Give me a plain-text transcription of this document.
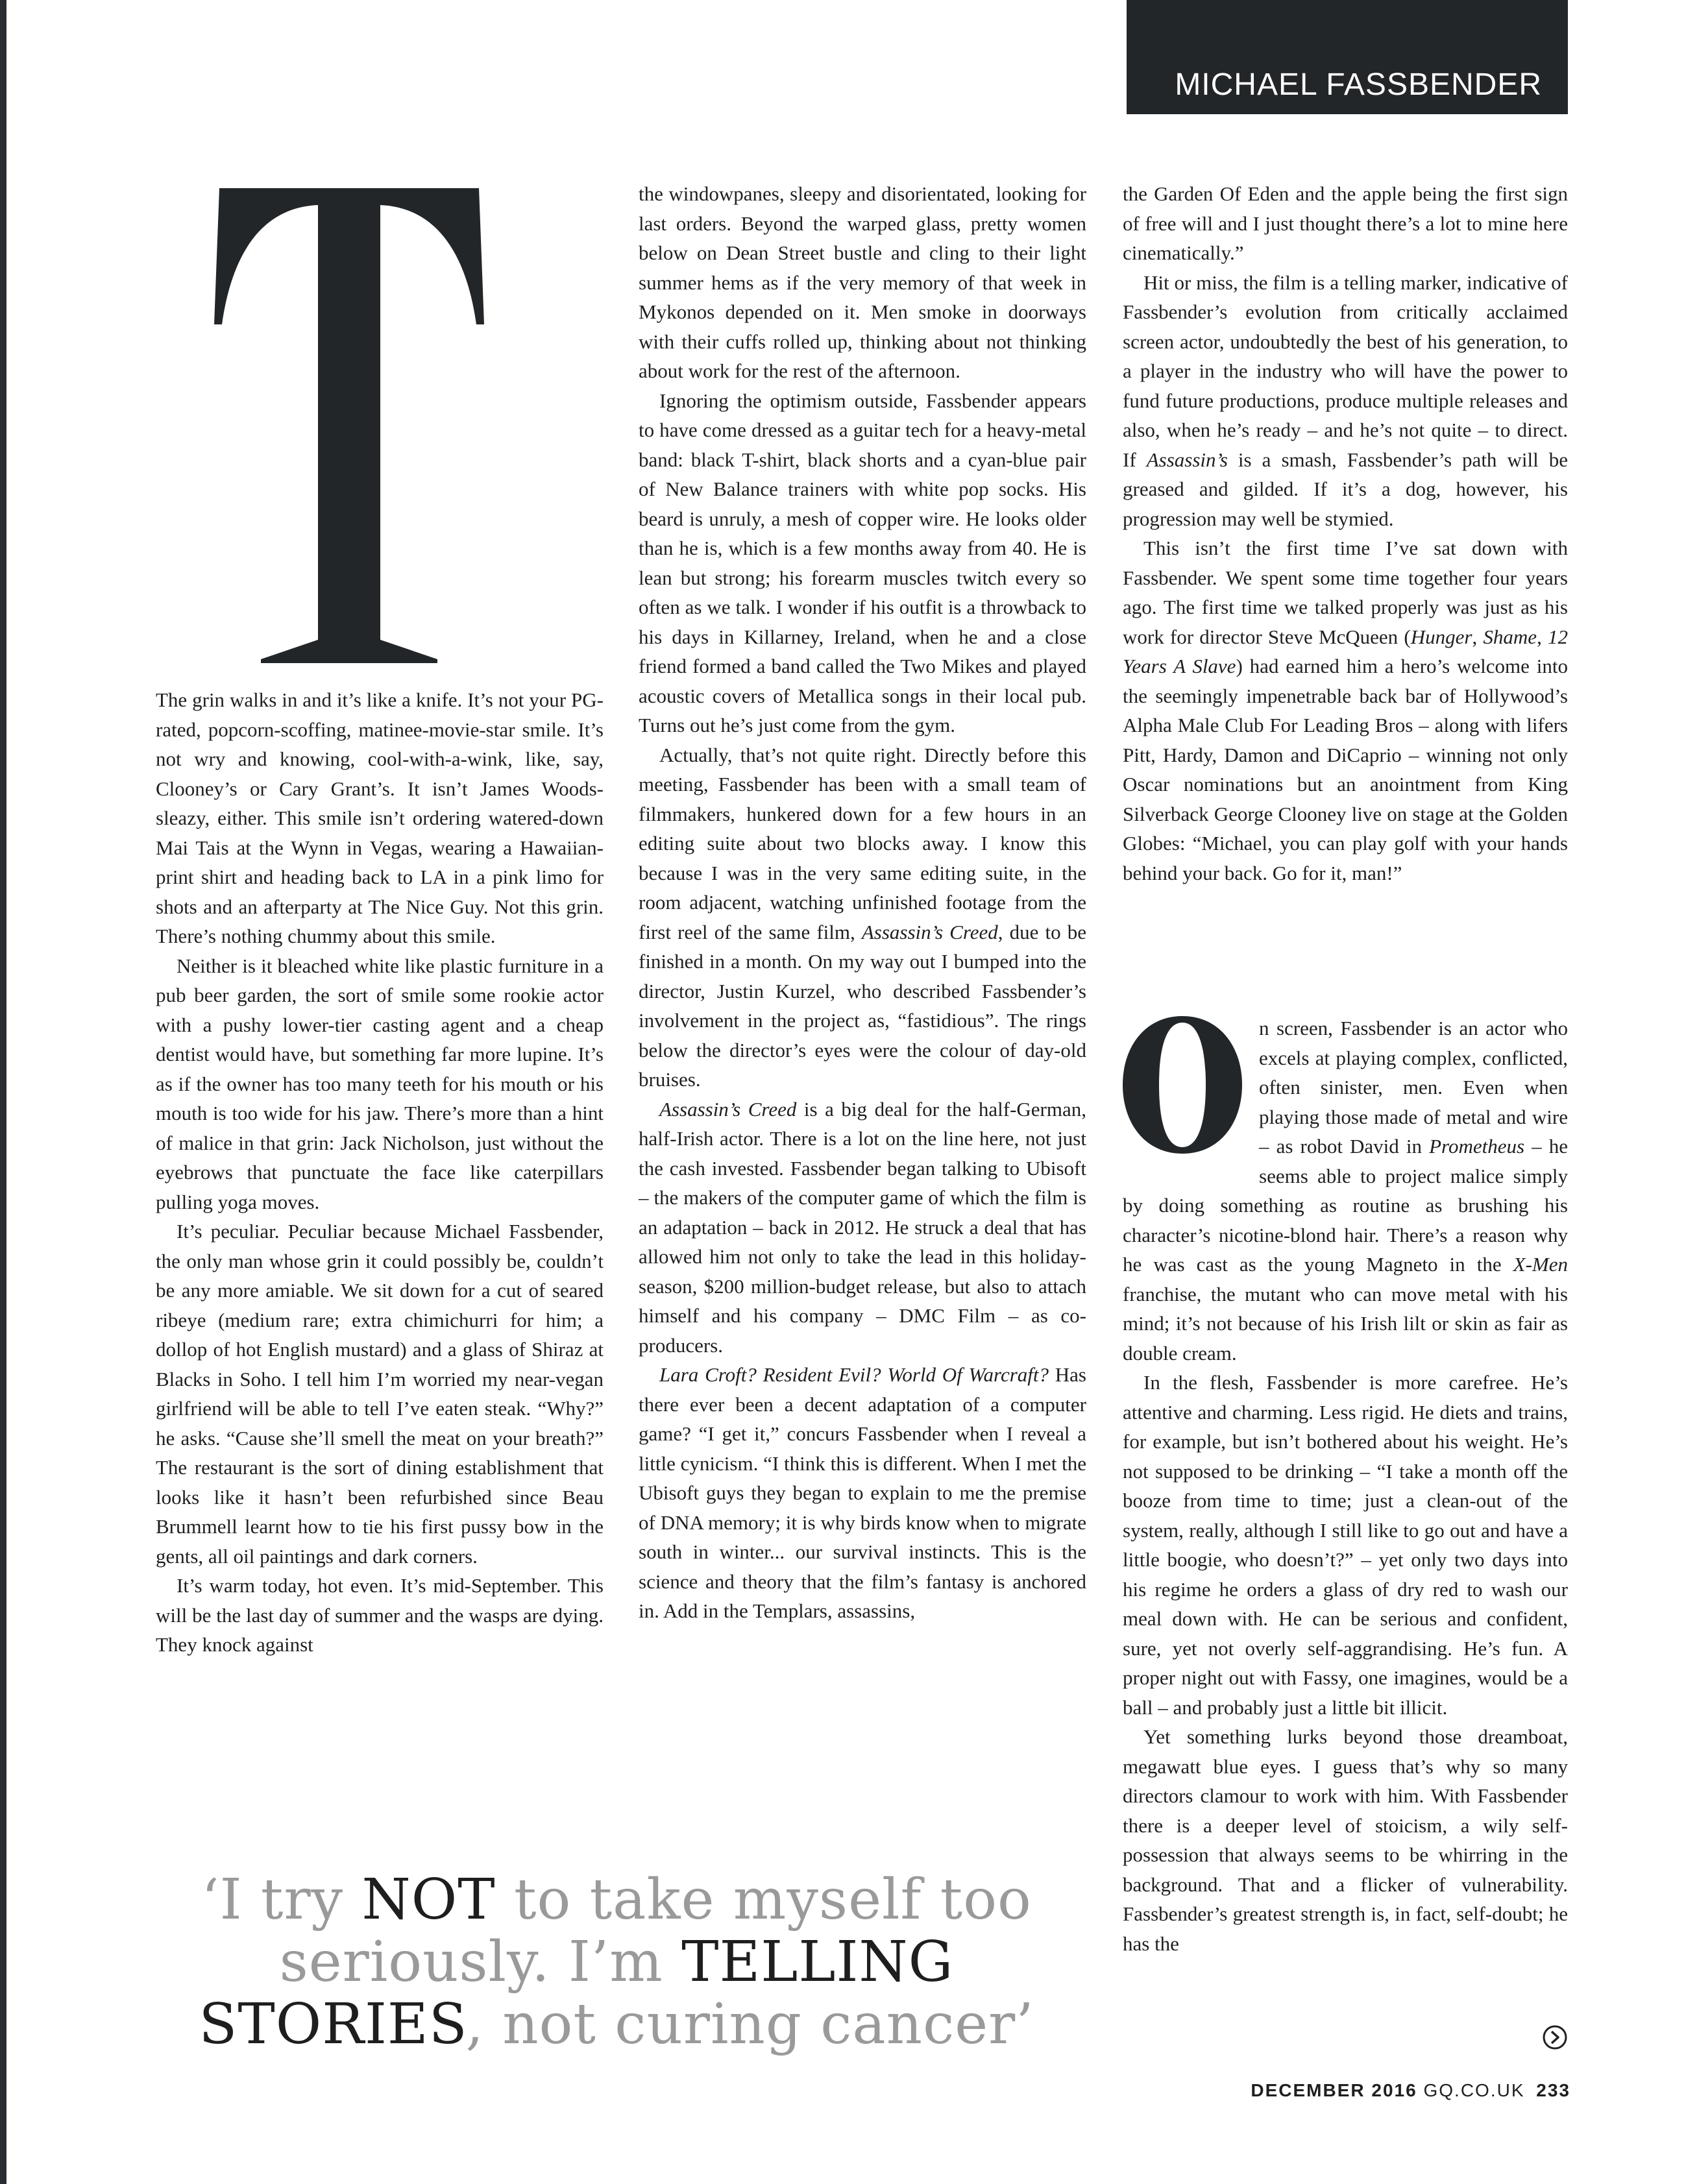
MICHAEL FASSBENDER

The grin walks in and it’s like a knife. It’s not your PG-rated, popcorn-scoffing, matinee-movie-star smile. It’s not wry and knowing, cool-with-a-wink, like, say, Clooney’s or Cary Grant’s. It isn’t James Woods-sleazy, either. This smile isn’t ordering watered-down Mai Tais at the Wynn in Vegas, wearing a Hawaiian-print shirt and heading back to LA in a pink limo for shots and an afterparty at The Nice Guy. Not this grin. There’s nothing chummy about this smile.

Neither is it bleached white like plastic furniture in a pub beer garden, the sort of smile some rookie actor with a pushy lower-tier casting agent and a cheap dentist would have, but something far more lupine. It’s as if the owner has too many teeth for his mouth or his mouth is too wide for his jaw. There’s more than a hint of malice in that grin: Jack Nicholson, just without the eyebrows that punctuate the face like caterpillars pulling yoga moves.

It’s peculiar. Peculiar because Michael Fassbender, the only man whose grin it could possibly be, couldn’t be any more amiable. We sit down for a cut of seared ribeye (medium rare; extra chimichurri for him; a dollop of hot English mustard) and a glass of Shiraz at Blacks in Soho. I tell him I’m worried my near-vegan girlfriend will be able to tell I’ve eaten steak. “Why?” he asks. “Cause she’ll smell the meat on your breath?” The restaurant is the sort of dining establishment that looks like it hasn’t been refurbished since Beau Brummell learnt how to tie his first pussy bow in the gents, all oil paintings and dark corners.

It’s warm today, hot even. It’s mid-September. This will be the last day of summer and the wasps are dying. They knock against

the windowpanes, sleepy and disorientated, looking for last orders. Beyond the warped glass, pretty women below on Dean Street bustle and cling to their light summer hems as if the very memory of that week in Mykonos depended on it. Men smoke in doorways with their cuffs rolled up, thinking about not thinking about work for the rest of the afternoon.

Ignoring the optimism outside, Fassbender appears to have come dressed as a guitar tech for a heavy-metal band: black T-shirt, black shorts and a cyan-blue pair of New Balance trainers with white pop socks. His beard is unruly, a mesh of copper wire. He looks older than he is, which is a few months away from 40. He is lean but strong; his forearm muscles twitch every so often as we talk. I wonder if his outfit is a throwback to his days in Killarney, Ireland, when he and a close friend formed a band called the Two Mikes and played acoustic covers of Metallica songs in their local pub. Turns out he’s just come from the gym.

Actually, that’s not quite right. Directly before this meeting, Fassbender has been with a small team of filmmakers, hunkered down for a few hours in an editing suite about two blocks away. I know this because I was in the very same editing suite, in the room adjacent, watching unfinished footage from the first reel of the same film, Assassin’s Creed, due to be finished in a month. On my way out I bumped into the director, Justin Kurzel, who described Fassbender’s involvement in the project as, “fastidious”. The rings below the director’s eyes were the colour of day-old bruises.

Assassin’s Creed is a big deal for the half-German, half-Irish actor. There is a lot on the line here, not just the cash invested. Fassbender began talking to Ubisoft – the makers of the computer game of which the film is an adaptation – back in 2012. He struck a deal that has allowed him not only to take the lead in this holiday-season, $200 million-budget release, but also to attach himself and his company – DMC Film – as co-producers.

Lara Croft? Resident Evil? World Of Warcraft? Has there ever been a decent adaptation of a computer game? “I get it,” concurs Fassbender when I reveal a little cynicism. “I think this is different. When I met the Ubisoft guys they began to explain to me the premise of DNA memory; it is why birds know when to migrate south in winter... our survival instincts. This is the science and theory that the film’s fantasy is anchored in. Add in the Templars, assassins,

the Garden Of Eden and the apple being the first sign of free will and I just thought there’s a lot to mine here cinematically.”

Hit or miss, the film is a telling marker, indicative of Fassbender’s evolution from critically acclaimed screen actor, undoubtedly the best of his generation, to a player in the industry who will have the power to fund future productions, produce multiple releases and also, when he’s ready – and he’s not quite – to direct. If Assassin’s is a smash, Fassbender’s path will be greased and gilded. If it’s a dog, however, his progression may well be stymied.

This isn’t the first time I’ve sat down with Fassbender. We spent some time together four years ago. The first time we talked properly was just as his work for director Steve McQueen (Hunger, Shame, 12 Years A Slave) had earned him a hero’s welcome into the seemingly impenetrable back bar of Hollywood’s Alpha Male Club For Leading Bros – along with lifers Pitt, Hardy, Damon and DiCaprio – winning not only Oscar nominations but an anointment from King Silverback George Clooney live on stage at the Golden Globes: “Michael, you can play golf with your hands behind your back. Go for it, man!”

n screen, Fassbender is an actor who excels at playing complex, conflicted, often sinister, men. Even when playing those made of metal and wire – as robot David in Prometheus – he seems able to project malice simply by doing something as routine as brushing his character’s nicotine-blond hair. There’s a reason why he was cast as the young Magneto in the X-Men franchise, the mutant who can move metal with his mind; it’s not because of his Irish lilt or skin as fair as double cream.

In the flesh, Fassbender is more carefree. He’s attentive and charming. Less rigid. He diets and trains, for example, but isn’t bothered about his weight. He’s not supposed to be drinking – “I take a month off the booze from time to time; just a clean-out of the system, really, although I still like to go out and have a little boogie, who doesn’t?” – yet only two days into his regime he orders a glass of dry red to wash our meal down with. He can be serious and confident, sure, yet not overly self-aggrandising. He’s fun. A proper night out with Fassy, one imagines, would be a ball – and probably just a little bit illicit.

Yet something lurks beyond those dreamboat, megawatt blue eyes. I guess that’s why so many directors clamour to work with him. With Fassbender there is a deeper level of stoicism, a wily self-possession that always seems to be whirring in the background. That and a flicker of vulnerability. Fassbender’s greatest strength is, in fact, self-doubt; he has the

‘I try NOT to take myself too seriously. I’m TELLING STORIES, not curing cancer’
DECEMBER 2016 GQ.CO.UK 233
